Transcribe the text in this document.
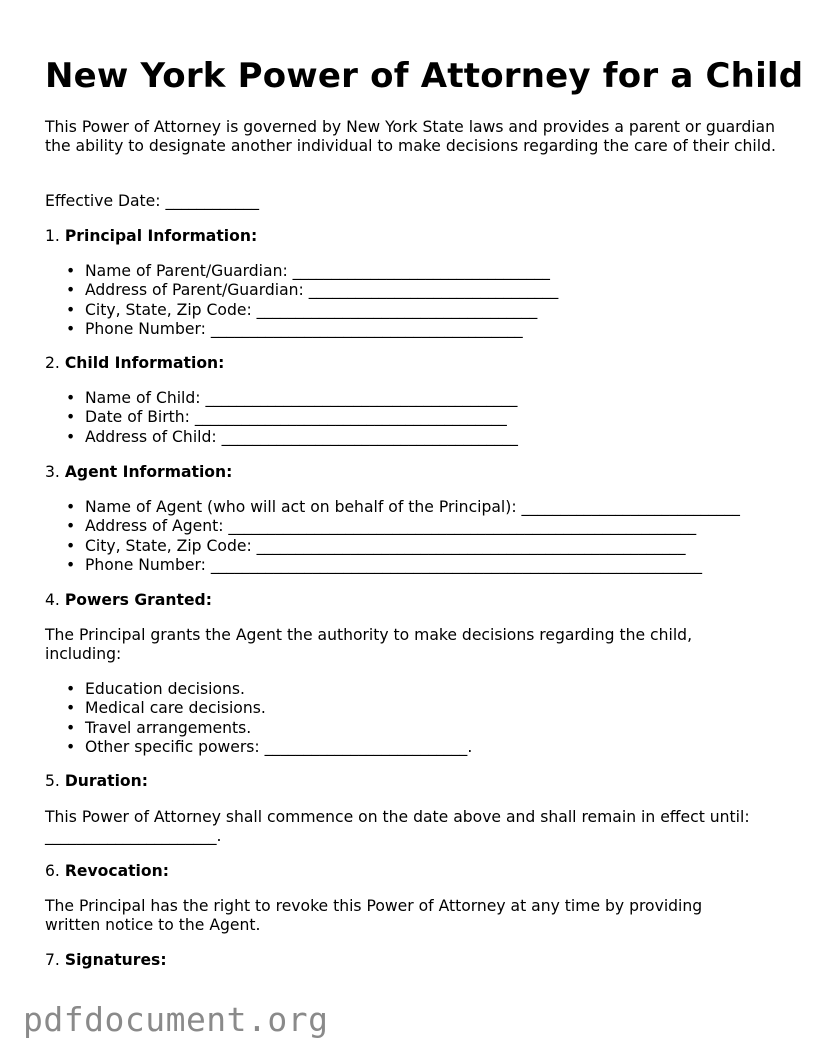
New York Power of Attorney for a Child

This Power of Attorney is governed by New York State laws and provides a parent or guardian the ability to designate another individual to make decisions regarding the care of their child.

Effective Date: ____________

1. Principal Information:
• Name of Parent/Guardian: _________________________________
• Address of Parent/Guardian: ________________________________
• City, State, Zip Code: ____________________________________
• Phone Number: ________________________________________
2. Child Information:
• Name of Child: ________________________________________
• Date of Birth: ________________________________________
• Address of Child: ______________________________________
3. Agent Information:
• Name of Agent (who will act on behalf of the Principal): ____________________________
• Address of Agent: ____________________________________________________________
• City, State, Zip Code: _______________________________________________________
• Phone Number: _______________________________________________________________
4. Powers Granted:

The Principal grants the Agent the authority to make decisions regarding the child, including:

• Education decisions.
• Medical care decisions.
• Travel arrangements.
• Other specific powers: __________________________.
5. Duration:

This Power of Attorney shall commence on the date above and shall remain in effect until: ______________________.

6. Revocation:

The Principal has the right to revoke this Power of Attorney at any time by providing written notice to the Agent.

7. Signatures:
pdfdocument.org
